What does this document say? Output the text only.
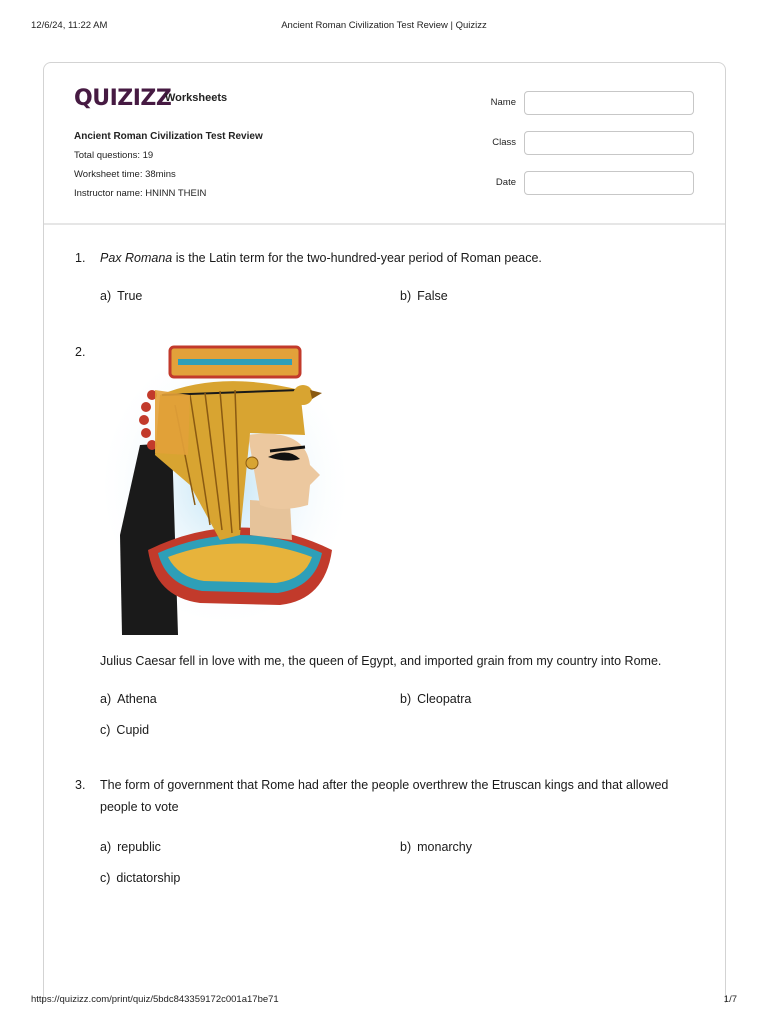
12/6/24, 11:22 AM	Ancient Roman Civilization Test Review | Quizizz
QUIZIZZ
Worksheets
Ancient Roman Civilization Test Review
Total questions: 19
Worksheet time: 38mins
Instructor name: HNINN THEIN
Name
Class
Date
1.	Pax Romana is the Latin term for the two-hundred-year period of Roman peace.
a) True	b) False
2.
Julius Caesar fell in love with me, the queen of Egypt, and imported grain from my country into Rome.
a) Athena	b) Cleopatra
c) Cupid
3.	The form of government that Rome had after the people overthrew the Etruscan kings and that allowed people to vote
a) republic	b) monarchy
c) dictatorship
https://quizizz.com/print/quiz/5bdc843359172c001a17be71	1/7
